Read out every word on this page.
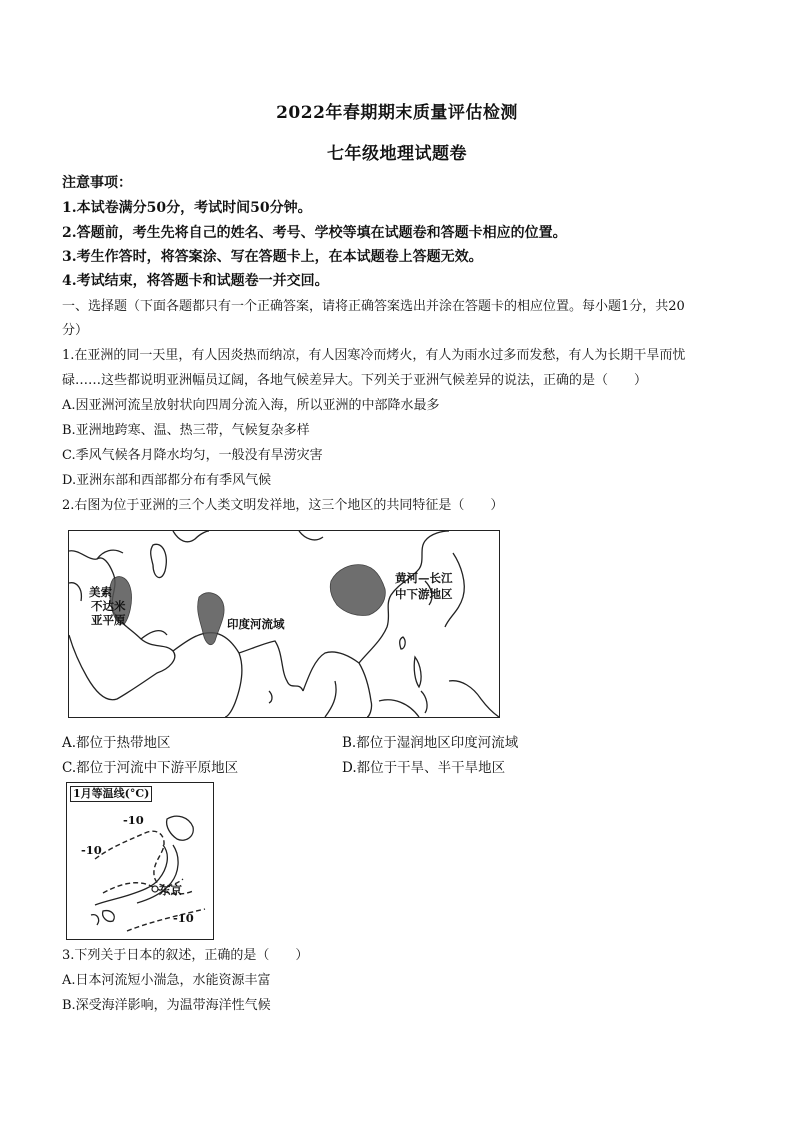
2022年春期期末质量评估检测
七年级地理试题卷
注意事项：
1.本试卷满分50分，考试时间50分钟。
2.答题前，考生先将自己的姓名、考号、学校等填在试题卷和答题卡相应的位置。
3.考生作答时，将答案涂、写在答题卡上，在本试题卷上答题无效。
4.考试结束，将答题卡和试题卷一并交回。
一、选择题（下面各题都只有一个正确答案，请将正确答案选出并涂在答题卡的相应位置。每小题1分，共20
分）
1.在亚洲的同一天里，有人因炎热而纳凉，有人因寒冷而烤火，有人为雨水过多而发愁，有人为长期干旱而忧
碌……这些都说明亚洲幅员辽阔，各地气候差异大。下列关于亚洲气候差异的说法，正确的是（　　）
A.因亚洲河流呈放射状向四周分流入海，所以亚洲的中部降水最多
B.亚洲地跨寒、温、热三带，气候复杂多样
C.季风气候各月降水均匀，一般没有旱涝灾害
D.亚洲东部和西部都分布有季风气候
2.右图为位于亚洲的三个人类文明发祥地，这三个地区的共同特征是（　　）
美索
不达米
亚平原	印度河流域
黄河—长江
中下游地区
A.都位于热带地区	B.都位于湿润地区印度河流域
C.都位于河流中下游平原地区	D.都位于干旱、半干旱地区
1月等温线(°C)
-10
-10
-10
东京
3.下列关于日本的叙述，正确的是（　　）
A.日本河流短小湍急，水能资源丰富
B.深受海洋影响，为温带海洋性气候
